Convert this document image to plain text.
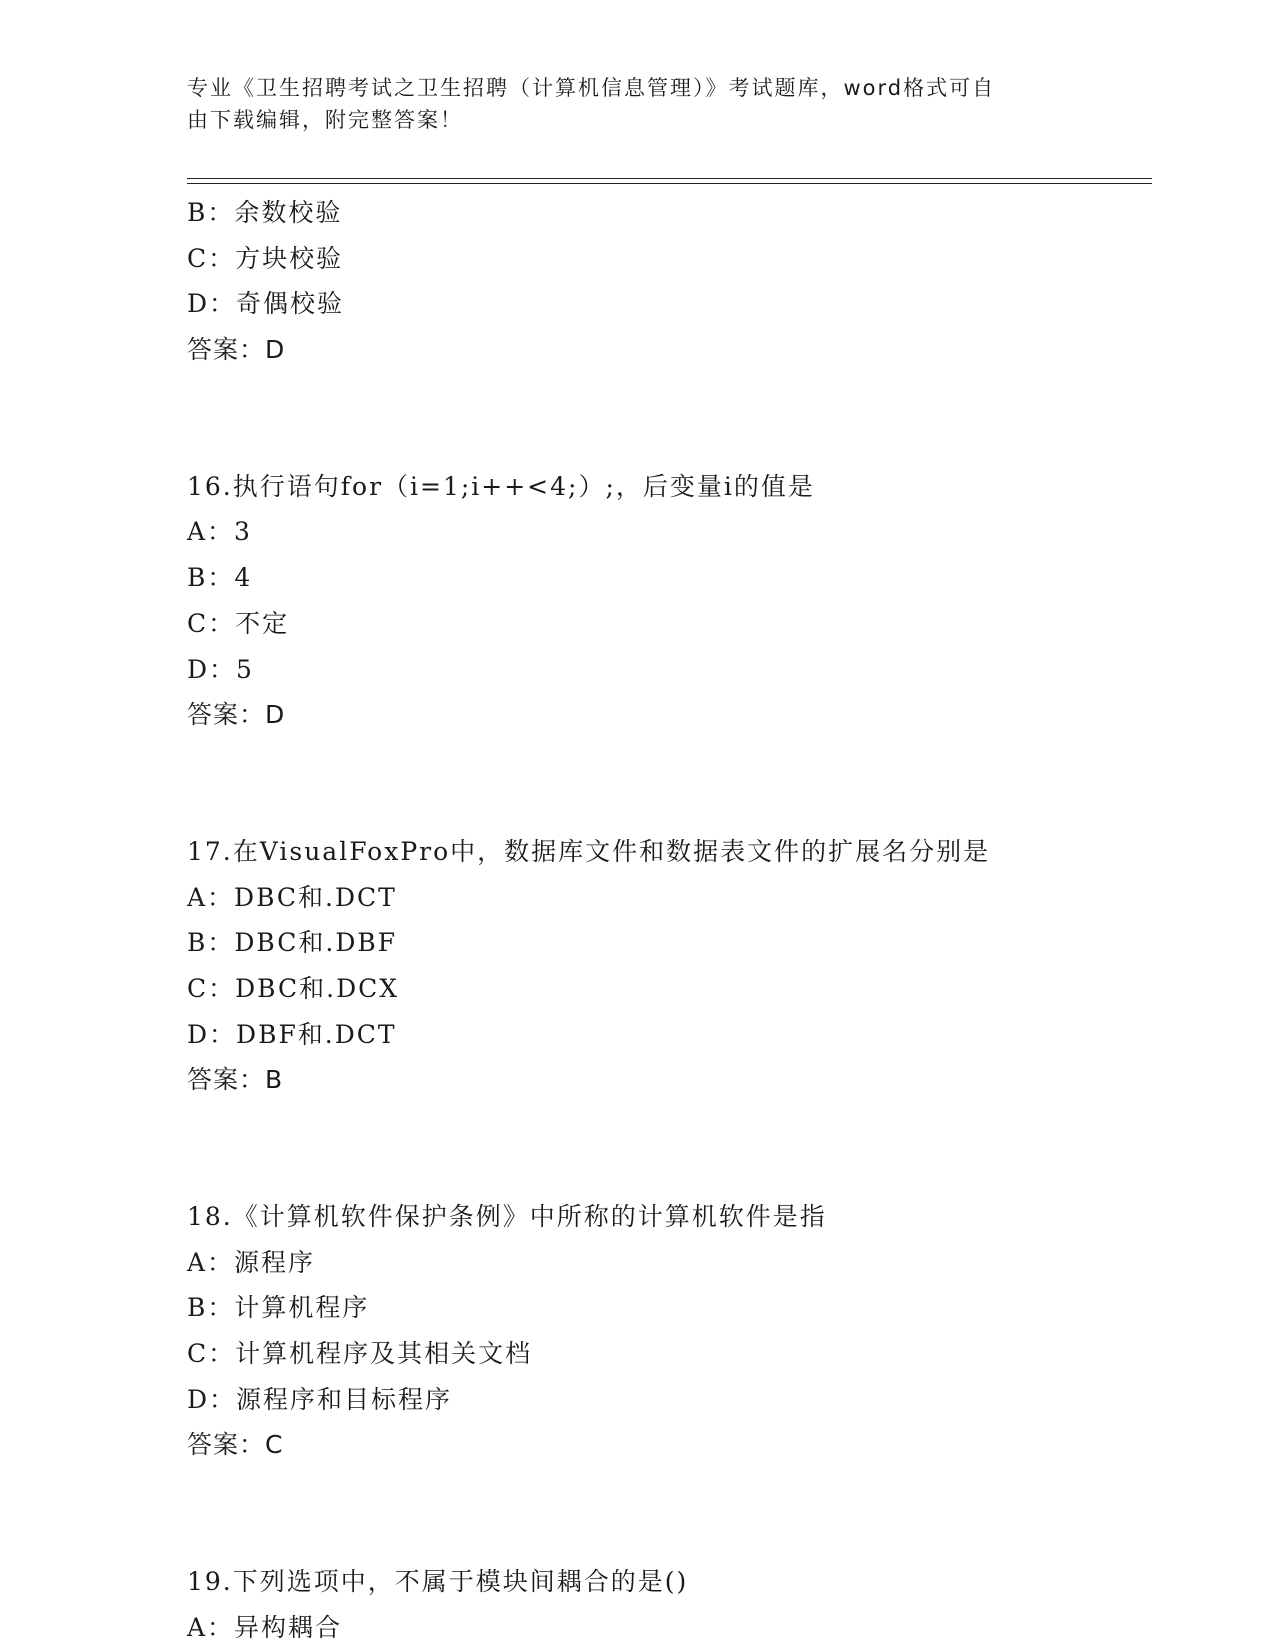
专业《卫生招聘考试之卫生招聘（计算机信息管理）》考试题库，word格式可自
由下载编辑，附完整答案！
B：余数校验
C：方块校验
D：奇偶校验
答案：D
16.执行语句for（i=1;i++<4;）;，后变量i的值是
A：3
B：4
C：不定
D：5
答案：D
17.在VisualFoxPro中，数据库文件和数据表文件的扩展名分别是
A：DBC和.DCT
B：DBC和.DBF
C：DBC和.DCX
D：DBF和.DCT
答案：B
18.《计算机软件保护条例》中所称的计算机软件是指
A：源程序
B：计算机程序
C：计算机程序及其相关文档
D：源程序和目标程序
答案：C
19.下列选项中，不属于模块间耦合的是()
A：异构耦合
